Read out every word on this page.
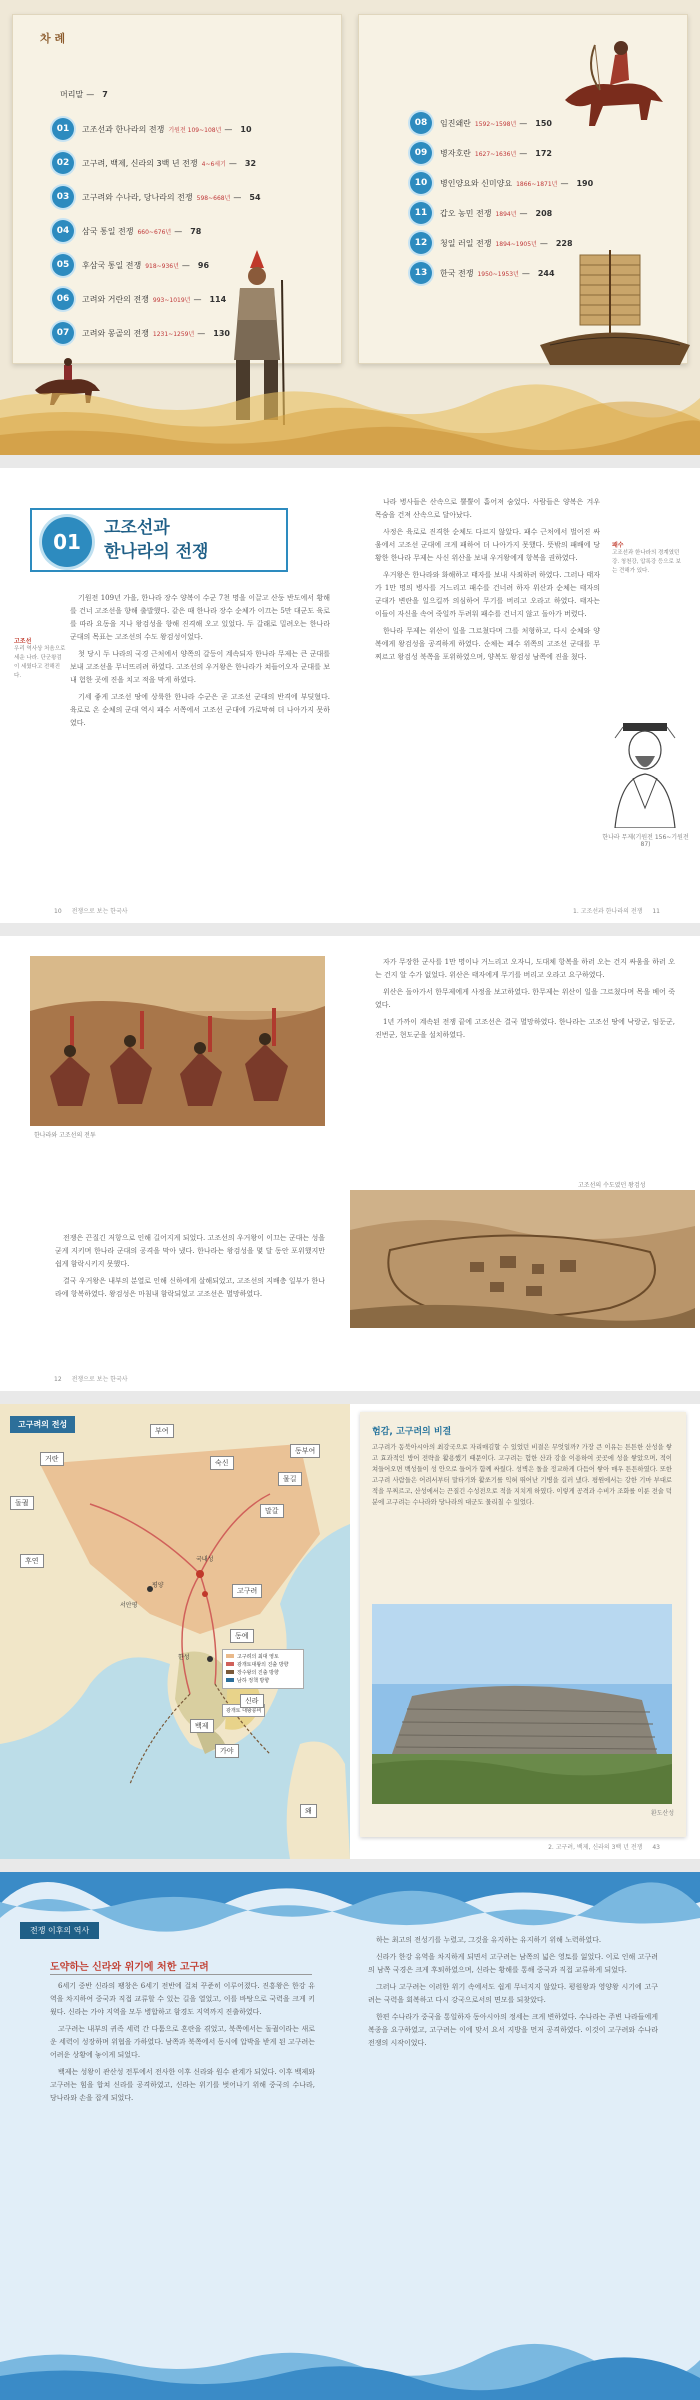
차 례
머리말 — 7
01	고조선과 한나라의 전쟁 기원전 109~108년 — 10
02	고구려, 백제, 신라의 3백 년 전쟁 4~6세기 — 32
03	고구려와 수나라, 당나라의 전쟁 598~668년 — 54
04	삼국 통일 전쟁 660~676년 — 78
05	후삼국 통일 전쟁 918~936년 — 96
06	고려와 거란의 전쟁 993~1019년 — 114
07	고려와 몽골의 전쟁 1231~1259년 — 130
08	임진왜란 1592~1598년 — 150
09	병자호란 1627~1636년 — 172
10	병인양요와 신미양요 1866~1871년 — 190
11	갑오 농민 전쟁 1894년 — 208
12	청일 러일 전쟁 1894~1905년 — 228
13	한국 전쟁 1950~1953년 — 244
01
고조선과
한나라의 전쟁
고조선
우리 역사상 처음으로 세운 나라. 단군왕검이 세웠다고 전해진다.

기원전 109년 가을, 한나라 장수 양복이 수군 7천 명을 이끌고 산둥 반도에서 황해를 건너 고조선을 향해 출발했다. 같은 때 한나라 장수 순체가 이끄는 5만 대군도 육로를 따라 요동을 지나 왕검성을 향해 진격해 오고 있었다. 두 갈래로 밀려오는 한나라 군대의 목표는 고조선의 수도 왕검성이었다.

첫 당시 두 나라의 국경 근처에서 양쪽의 갈등이 계속되자 한나라 무제는 큰 군대를 보내 고조선을 무너뜨리려 하였다. 고조선의 우거왕은 한나라가 쳐들어오자 군대를 보내 험한 곳에 진을 치고 적을 막게 하였다.

기세 좋게 고조선 땅에 상륙한 한나라 수군은 곧 고조선 군대의 반격에 부딪혔다. 육로로 온 순체의 군대 역시 패수 서쪽에서 고조선 군대에 가로막혀 더 나아가지 못하였다.

나라 병사들은 산속으로 뿔뿔이 흩어져 숨었다. 사람들은 양복은 겨우 목숨을 건져 산속으로 달아났다.

사정은 육로로 진격한 순체도 다르지 않았다. 패수 근처에서 벌어진 싸움에서 고조선 군대에 크게 패하여 더 나아가지 못했다. 뜻밖의 패배에 당황한 한나라 무제는 사신 위산을 보내 우거왕에게 항복을 권하였다.

우거왕은 한나라와 화해하고 태자를 보내 사죄하려 하였다. 그러나 태자가 1만 명의 병사를 거느리고 패수를 건너려 하자 위산과 순체는 태자의 군대가 변란을 일으킬까 의심하여 무기를 버리고 오라고 하였다. 태자는 이들이 자신을 속여 죽일까 두려워 패수를 건너지 않고 돌아가 버렸다.

한나라 무제는 위산이 일을 그르쳤다며 그를 처형하고, 다시 순체와 양복에게 왕검성을 공격하게 하였다. 순체는 패수 위쪽의 고조선 군대를 무찌르고 왕검성 북쪽을 포위하였으며, 양복도 왕검성 남쪽에 진을 쳤다.

패수
고조선과 한나라의 경계였던 강. 청천강, 압록강 등으로 보는 견해가 있다.
한나라 무제(기원전 156~기원전 87)
10 전쟁으로 보는 한국사	1. 고조선과 한나라의 전쟁 11
한나라와 고조선의 전투

전쟁은 끈질긴 저항으로 인해 길어지게 되었다. 고조선의 우거왕이 이끄는 군대는 성을 굳게 지키며 한나라 군대의 공격을 막아 냈다. 한나라는 왕검성을 몇 달 동안 포위했지만 쉽게 함락시키지 못했다.

결국 우거왕은 내부의 분열로 인해 신하에게 살해되었고, 고조선의 지배층 일부가 한나라에 항복하였다. 왕검성은 마침내 함락되었고 고조선은 멸망하였다.

자가 무장한 군사를 1만 명이나 거느리고 오자니, 도대체 항복을 하러 오는 건지 싸움을 하러 오는 건지 알 수가 없었다. 위산은 태자에게 무기를 버리고 오라고 요구하였다.

위산은 돌아가서 한무제에게 사정을 보고하였다. 한무제는 위산이 일을 그르쳤다며 목을 베어 죽였다.

1년 가까이 계속된 전쟁 끝에 고조선은 결국 멸망하였다. 한나라는 고조선 땅에 낙랑군, 임둔군, 진번군, 현도군을 설치하였다.

고조선의 수도였던 왕검성
12 전쟁으로 보는 한국사
고구려의 전성
광개토 대왕릉비
고구려의 최대 영토
광개토대왕의 진출 방향
장수왕의 진출 방향
남하 정책 방향
험감, 고구려의 비결
고구려가 동북아시아의 최강국으로 자리매김할 수 있었던 비결은 무엇일까? 가장 큰 이유는 튼튼한 산성을 쌓고 효과적인 방어 전략을 활용했기 때문이다. 고구려는 험한 산과 강을 이용하여 곳곳에 성을 쌓았으며, 적이 쳐들어오면 백성들이 성 안으로 들어가 함께 싸웠다. 성벽은 돌을 정교하게 다듬어 쌓아 매우 튼튼하였다. 또한 고구려 사람들은 어려서부터 말타기와 활쏘기를 익혀 뛰어난 기병을 길러 냈다. 평원에서는 강한 기마 부대로 적을 무찌르고, 산성에서는 끈질긴 수성전으로 적을 지치게 하였다. 이렇게 공격과 수비가 조화를 이룬 전술 덕분에 고구려는 수나라와 당나라의 대군도 물리칠 수 있었다.
환도산성
2. 고구려, 백제, 신라의 3백 년 전쟁 43
부여
거란	숙신
물길
말갈
동부여
돌궐
후연
고구려
동예
백제
신라
가야
왜
평양
국내성
한성
서안평
전쟁 이후의 역사
도약하는 신라와 위기에 처한 고구려

6세기 중반 신라의 팽창은 6세기 전반에 걸쳐 꾸준히 이루어졌다. 진흥왕은 한강 유역을 차지하여 중국과 직접 교류할 수 있는 길을 열었고, 이를 바탕으로 국력을 크게 키웠다. 신라는 가야 지역을 모두 병합하고 함경도 지역까지 진출하였다.

고구려는 내부의 귀족 세력 간 다툼으로 혼란을 겪었고, 북쪽에서는 돌궐이라는 새로운 세력이 성장하며 위협을 가하였다. 남쪽과 북쪽에서 동시에 압박을 받게 된 고구려는 어려운 상황에 놓이게 되었다.

백제는 성왕이 관산성 전투에서 전사한 이후 신라와 원수 관계가 되었다. 이후 백제와 고구려는 힘을 합쳐 신라를 공격하였고, 신라는 위기를 벗어나기 위해 중국의 수나라, 당나라와 손을 잡게 되었다.

하는 최고의 전성기를 누렸고, 그것을 유지하는 유지하기 위해 노력하였다.

신라가 한강 유역을 차지하게 되면서 고구려는 남쪽의 넓은 영토를 잃었다. 이로 인해 고구려의 남쪽 국경은 크게 후퇴하였으며, 신라는 황해를 통해 중국과 직접 교류하게 되었다.

그러나 고구려는 이러한 위기 속에서도 쉽게 무너지지 않았다. 평원왕과 영양왕 시기에 고구려는 국력을 회복하고 다시 강국으로서의 면모를 되찾았다.

한편 수나라가 중국을 통일하자 동아시아의 정세는 크게 변하였다. 수나라는 주변 나라들에게 복종을 요구하였고, 고구려는 이에 맞서 요서 지방을 먼저 공격하였다. 이것이 고구려와 수나라 전쟁의 시작이었다.
